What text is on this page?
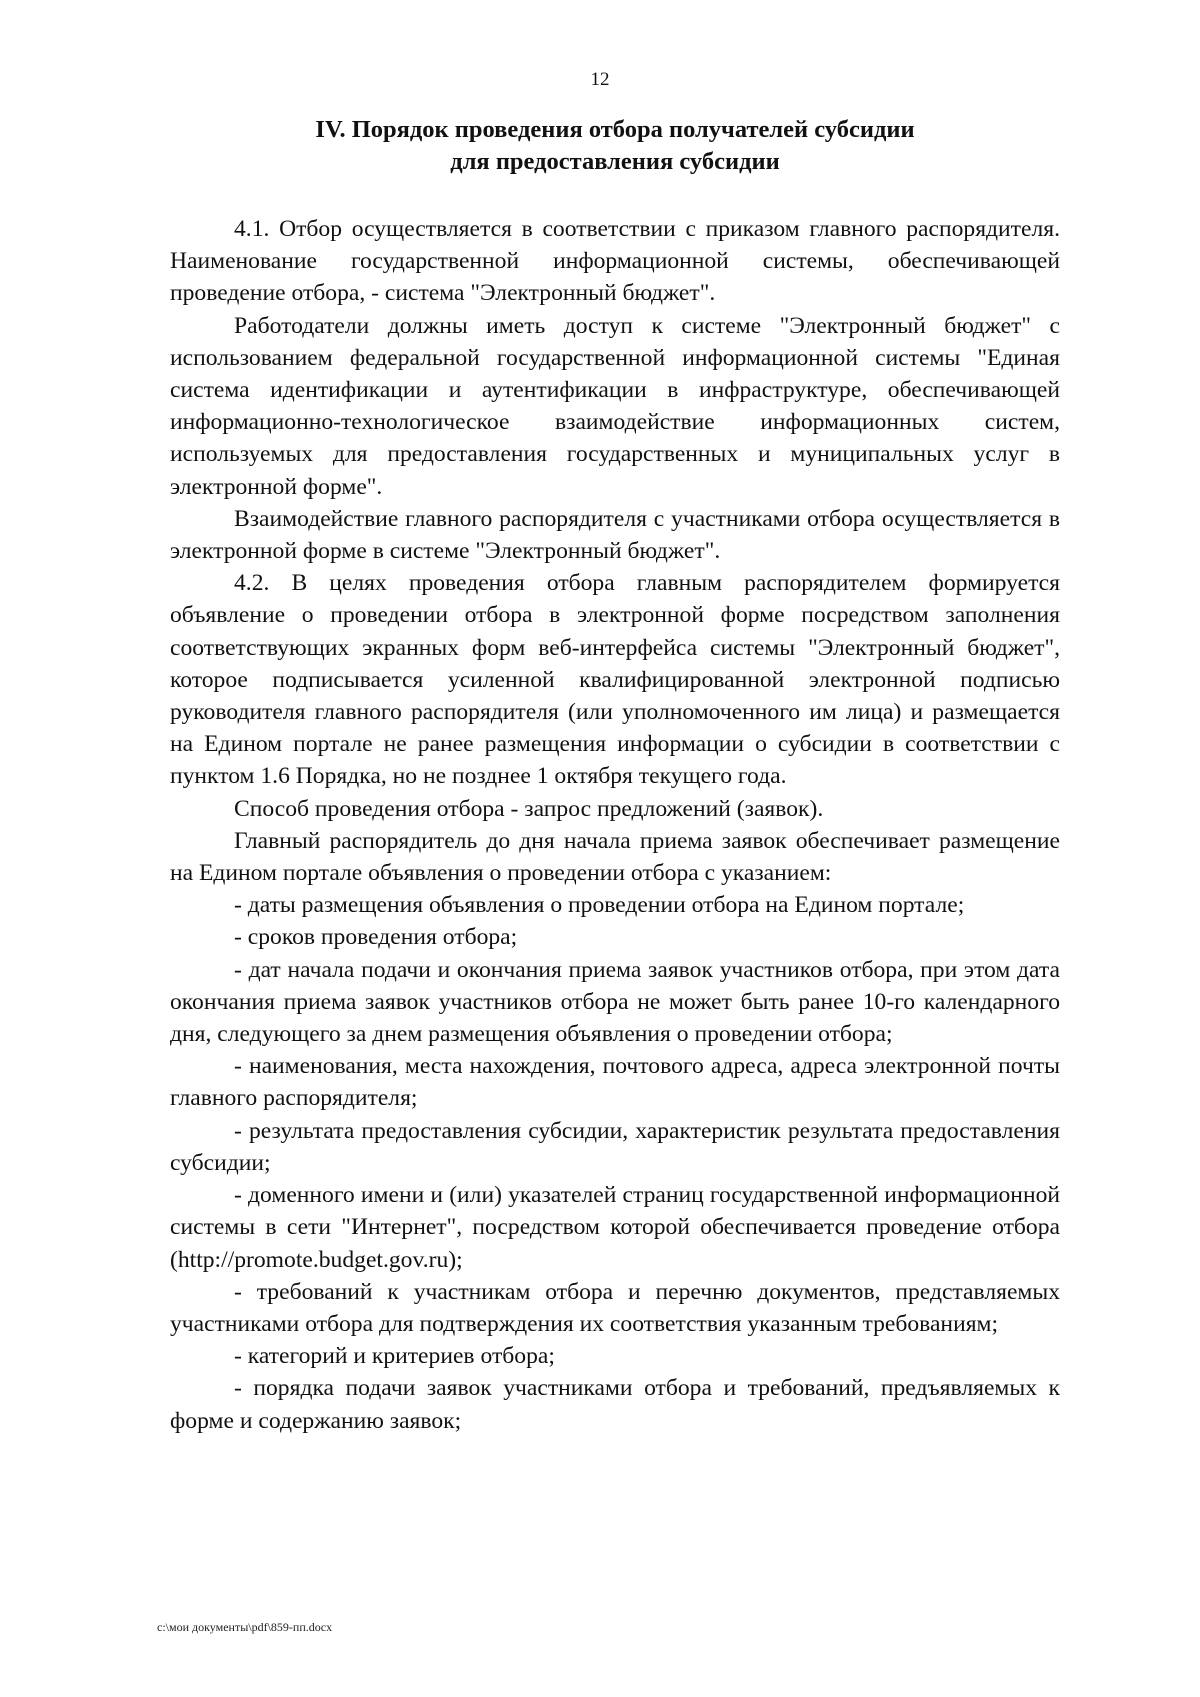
12
IV. Порядок проведения отбора получателей субсидии
для предоставления субсидии

4.1. Отбор осуществляется в соответствии с приказом главного распорядителя. Наименование государственной информационной системы, обеспечивающей проведение отбора, - система "Электронный бюджет".

Работодатели должны иметь доступ к системе "Электронный бюджет" с использованием федеральной государственной информационной системы "Единая система идентификации и аутентификации в инфраструктуре, обеспечивающей информационно-технологическое взаимодействие информационных систем, используемых для предоставления государственных и муниципальных услуг в электронной форме".

Взаимодействие главного распорядителя с участниками отбора осуществляется в электронной форме в системе "Электронный бюджет".

4.2. В целях проведения отбора главным распорядителем формируется объявление о проведении отбора в электронной форме посредством заполнения соответствующих экранных форм веб-интерфейса системы "Электронный бюджет", которое подписывается усиленной квалифицированной электронной подписью руководителя главного распорядителя (или уполномоченного им лица) и размещается на Едином портале не ранее размещения информации о субсидии в соответствии с пунктом 1.6 Порядка, но не позднее 1 октября текущего года.

Способ проведения отбора - запрос предложений (заявок).

Главный распорядитель до дня начала приема заявок обеспечивает размещение на Едином портале объявления о проведении отбора с указанием:

- даты размещения объявления о проведении отбора на Едином портале;

- сроков проведения отбора;

- дат начала подачи и окончания приема заявок участников отбора, при этом дата окончания приема заявок участников отбора не может быть ранее 10-го календарного дня, следующего за днем размещения объявления о проведении отбора;

- наименования, места нахождения, почтового адреса, адреса электронной почты главного распорядителя;

- результата предоставления субсидии, характеристик результата предоставления субсидии;

- доменного имени и (или) указателей страниц государственной информационной системы в сети "Интернет", посредством которой обеспечивается проведение отбора (http://promote.budget.gov.ru);

- требований к участникам отбора и перечню документов, представляемых участниками отбора для подтверждения их соответствия указанным требованиям;

- категорий и критериев отбора;

- порядка подачи заявок участниками отбора и требований, предъявляемых к форме и содержанию заявок;

c:\мои документы\pdf\859-пп.docx
